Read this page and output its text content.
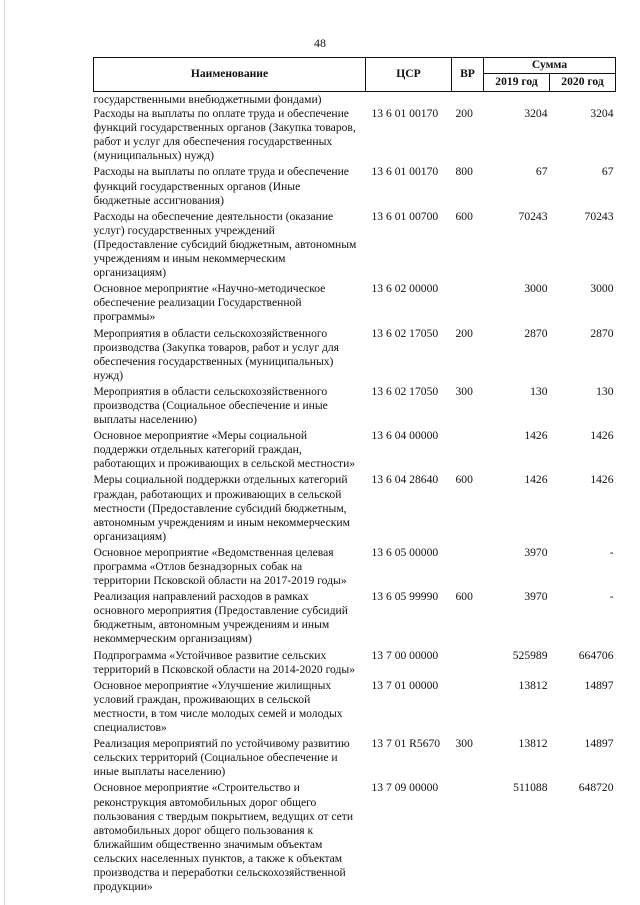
48
Наименование	ЦСР	ВР	Сумма	
			2019 год	2020 год
государственными внебюджетными фондами)				
Расходы на выплаты по оплате труда и обеспечение функций государственных органов (Закупка товаров, работ и услуг для обеспечения государственных (муниципальных) нужд)	13 6 01 00170	200	3204	3204
Расходы на выплаты по оплате труда и обеспечение функций государственных органов (Иные бюджетные ассигнования)	13 6 01 00170	800	67	67
Расходы на обеспечение деятельности (оказание услуг) государственных учреждений (Предоставление субсидий бюджетным, автономным учреждениям и иным некоммерческим организациям)	13 6 01 00700	600	70243	70243
Основное мероприятие «Научно-методическое обеспечение реализации Государственной программы»	13 6 02 00000		3000	3000
Мероприятия в области сельскохозяйственного производства (Закупка товаров, работ и услуг для обеспечения государственных (муниципальных) нужд)	13 6 02 17050	200	2870	2870
Мероприятия в области сельскохозяйственного производства (Социальное обеспечение и иные выплаты населению)	13 6 02 17050	300	130	130
Основное мероприятие «Меры социальной поддержки отдельных категорий граждан, работающих и проживающих в сельской местности»	13 6 04 00000		1426	1426
Меры социальной поддержки отдельных категорий граждан, работающих и проживающих в сельской местности (Предоставление субсидий бюджетным, автономным учреждениям и иным некоммерческим организациям)	13 6 04 28640	600	1426	1426
Основное мероприятие «Ведомственная целевая программа «Отлов безнадзорных собак на территории Псковской области на 2017-2019 годы»	13 6 05 00000		3970	-
Реализация направлений расходов в рамках основного мероприятия (Предоставление субсидий бюджетным, автономным учреждениям и иным некоммерческим организациям)	13 6 05 99990	600	3970	-
Подпрограмма «Устойчивое развитие сельских территорий в Псковской области на 2014-2020 годы»	13 7 00 00000		525989	664706
Основное мероприятие «Улучшение жилищных условий граждан, проживающих в сельской местности, в том числе молодых семей и молодых специалистов»	13 7 01 00000		13812	14897
Реализация мероприятий по устойчивому развитию сельских территорий (Социальное обеспечение и иные выплаты населению)	13 7 01 R5670	300	13812	14897
Основное мероприятие «Строительство и реконструкция автомобильных дорог общего пользования с твердым покрытием, ведущих от сети автомобильных дорог общего пользования к ближайшим общественно значимым объектам сельских населенных пунктов, а также к объектам производства и переработки сельскохозяйственной продукции»	13 7 09 00000		511088	648720
